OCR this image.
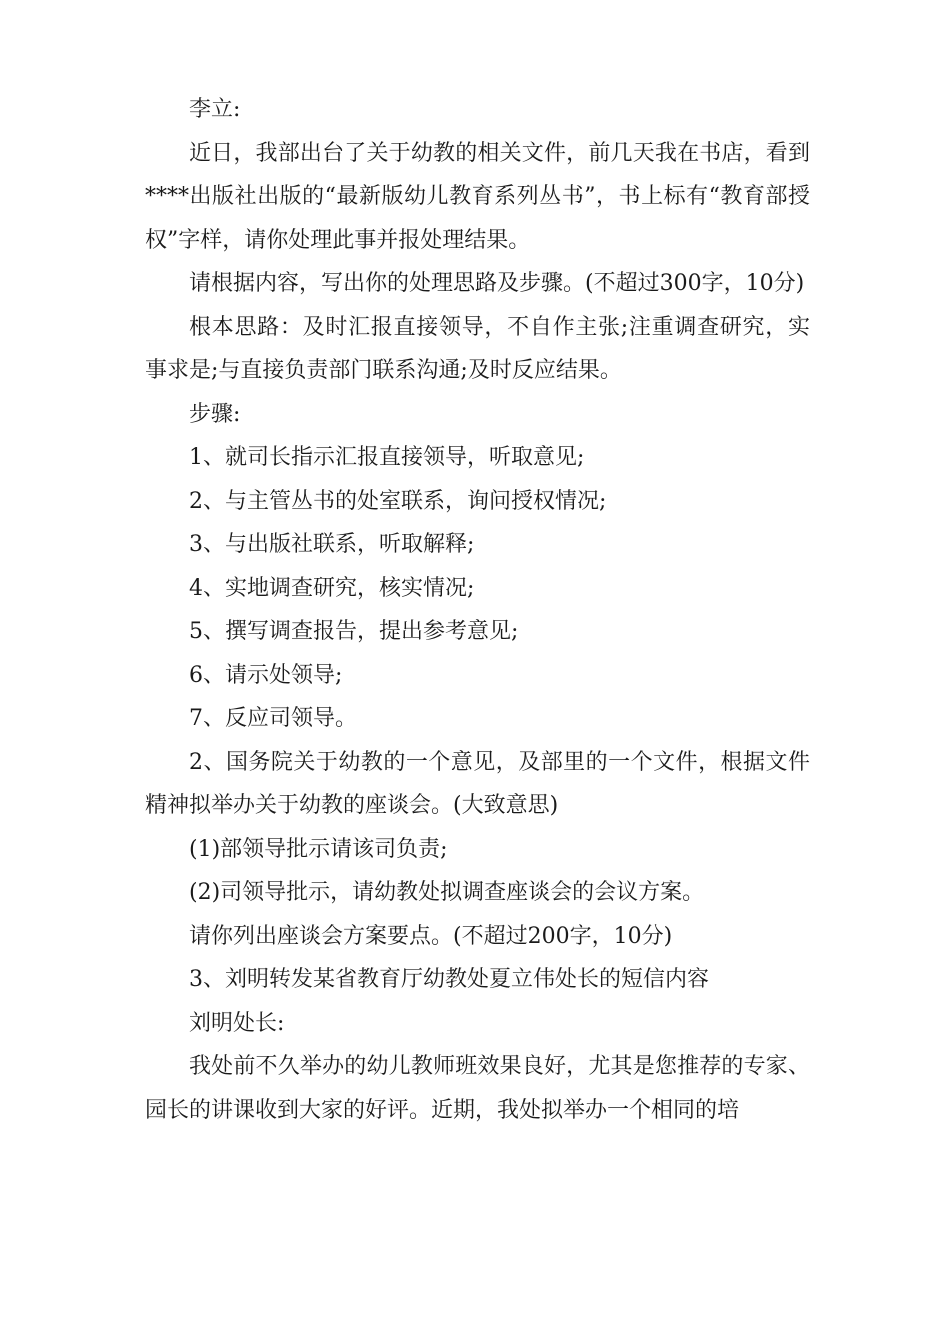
李立:

近日，我部出台了关于幼教的相关文件，前几天我在书店，看到****出版社出版的“最新版幼儿教育系列丛书”，书上标有“教育部授权”字样，请你处理此事并报处理结果。

请根据内容，写出你的处理思路及步骤。(不超过300字，10分)

根本思路：及时汇报直接领导，不自作主张;注重调查研究，实事求是;与直接负责部门联系沟通;及时反应结果。

步骤:

1、就司长指示汇报直接领导，听取意见;

2、与主管丛书的处室联系，询问授权情况;

3、与出版社联系，听取解释;

4、实地调查研究，核实情况;

5、撰写调查报告，提出参考意见;

6、请示处领导;

7、反应司领导。

2、国务院关于幼教的一个意见，及部里的一个文件，根据文件精神拟举办关于幼教的座谈会。(大致意思)

(1)部领导批示请该司负责;

(2)司领导批示，请幼教处拟调查座谈会的会议方案。

请你列出座谈会方案要点。(不超过200字，10分)

3、刘明转发某省教育厅幼教处夏立伟处长的短信内容

刘明处长:

我处前不久举办的幼儿教师班效果良好，尤其是您推荐的专家、园长的讲课收到大家的好评。近期，我处拟举办一个相同的培
